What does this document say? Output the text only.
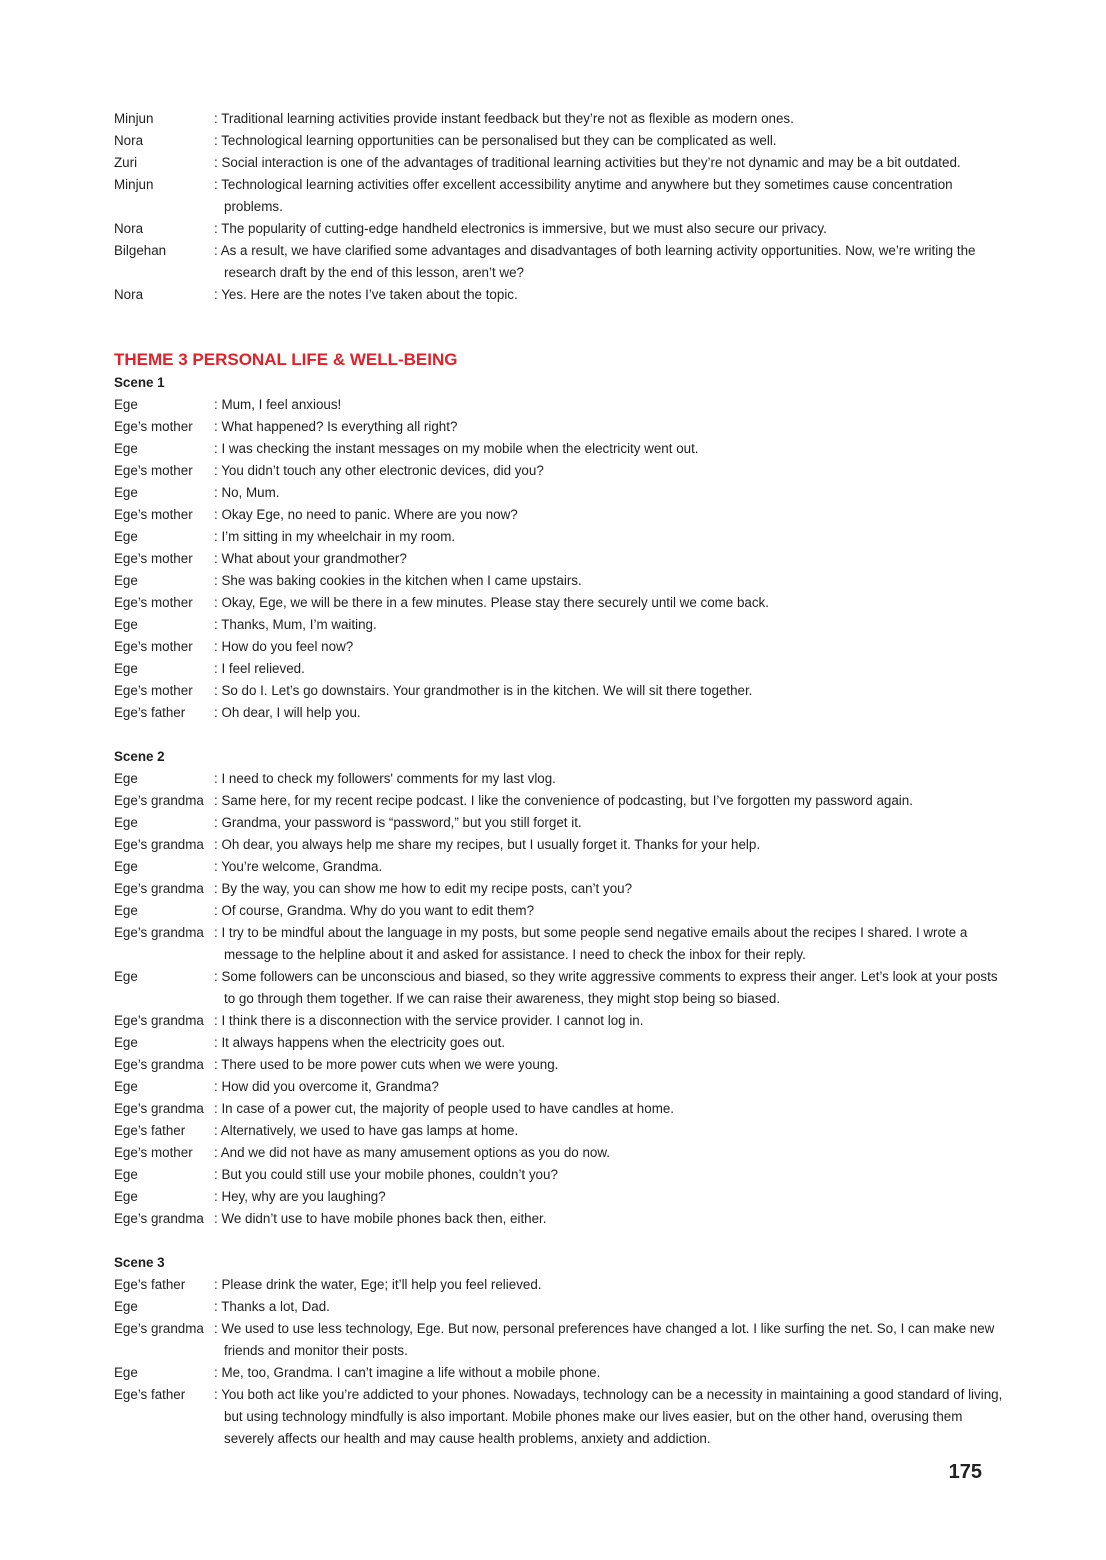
Minjun	: Traditional learning activities provide instant feedback but they’re not as flexible as modern ones.
Nora	: Technological learning opportunities can be personalised but they can be complicated as well.
Zuri	: Social interaction is one of the advantages of traditional learning activities but they’re not dynamic and may be a bit outdated.
Minjun	: Technological learning activities offer excellent accessibility anytime and anywhere but they sometimes cause concentration problems.
Nora	: The popularity of cutting-edge handheld electronics is immersive, but we must also secure our privacy.
Bilgehan	: As a result, we have clarified some advantages and disadvantages of both learning activity opportunities. Now, we’re writing the research draft by the end of this lesson, aren’t we?
Nora	: Yes. Here are the notes I’ve taken about the topic.
THEME 3 PERSONAL LIFE & WELL-BEING
Scene 1
Ege	: Mum, I feel anxious!
Ege’s mother	: What happened? Is everything all right?
Ege	: I was checking the instant messages on my mobile when the electricity went out.
Ege’s mother	: You didn’t touch any other electronic devices, did you?
Ege	: No, Mum.
Ege’s mother	: Okay Ege, no need to panic. Where are you now?
Ege	: I’m sitting in my wheelchair in my room.
Ege’s mother	: What about your grandmother?
Ege	: She was baking cookies in the kitchen when I came upstairs.
Ege’s mother	: Okay, Ege, we will be there in a few minutes. Please stay there securely until we come back.
Ege	: Thanks, Mum, I’m waiting.
Ege’s mother	: How do you feel now?
Ege	: I feel relieved.
Ege’s mother	: So do I. Let’s go downstairs. Your grandmother is in the kitchen. We will sit there together.
Ege’s father	: Oh dear, I will help you.
Scene 2
Ege	: I need to check my followers' comments for my last vlog.
Ege’s grandma : Same here, for my recent recipe podcast. I like the convenience of podcasting, but I’ve forgotten my password again.
Ege	: Grandma, your password is “password,” but you still forget it.
Ege’s grandma : Oh dear, you always help me share my recipes, but I usually forget it. Thanks for your help.
Ege	: You’re welcome, Grandma.
Ege’s grandma : By the way, you can show me how to edit my recipe posts, can’t you?
Ege	: Of course, Grandma. Why do you want to edit them?
Ege’s grandma : I try to be mindful about the language in my posts, but some people send negative emails about the recipes I shared. I wrote a message to the helpline about it and asked for assistance. I need to check the inbox for their reply.
Ege	: Some followers can be unconscious and biased, so they write aggressive comments to express their anger. Let’s look at your posts to go through them together. If we can raise their awareness, they might stop being so biased.
Ege’s grandma : I think there is a disconnection with the service provider. I cannot log in.
Ege	: It always happens when the electricity goes out.
Ege’s grandma : There used to be more power cuts when we were young.
Ege	: How did you overcome it, Grandma?
Ege’s grandma : In case of a power cut, the majority of people used to have candles at home.
Ege’s father	: Alternatively, we used to have gas lamps at home.
Ege’s mother	: And we did not have as many amusement options as you do now.
Ege	: But you could still use your mobile phones, couldn’t you?
Ege	: Hey, why are you laughing?
Ege’s grandma : We didn’t use to have mobile phones back then, either.
Scene 3
Ege’s father	: Please drink the water, Ege; it’ll help you feel relieved.
Ege	: Thanks a lot, Dad.
Ege’s grandma : We used to use less technology, Ege. But now, personal preferences have changed a lot. I like surfing the net. So, I can make new friends and monitor their posts.
Ege	: Me, too, Grandma. I can’t imagine a life without a mobile phone.
Ege’s father	: You both act like you’re addicted to your phones. Nowadays, technology can be a necessity in maintaining a good standard of living, but using technology mindfully is also important. Mobile phones make our lives easier, but on the other hand, overusing them severely affects our health and may cause health problems, anxiety and addiction.
175
